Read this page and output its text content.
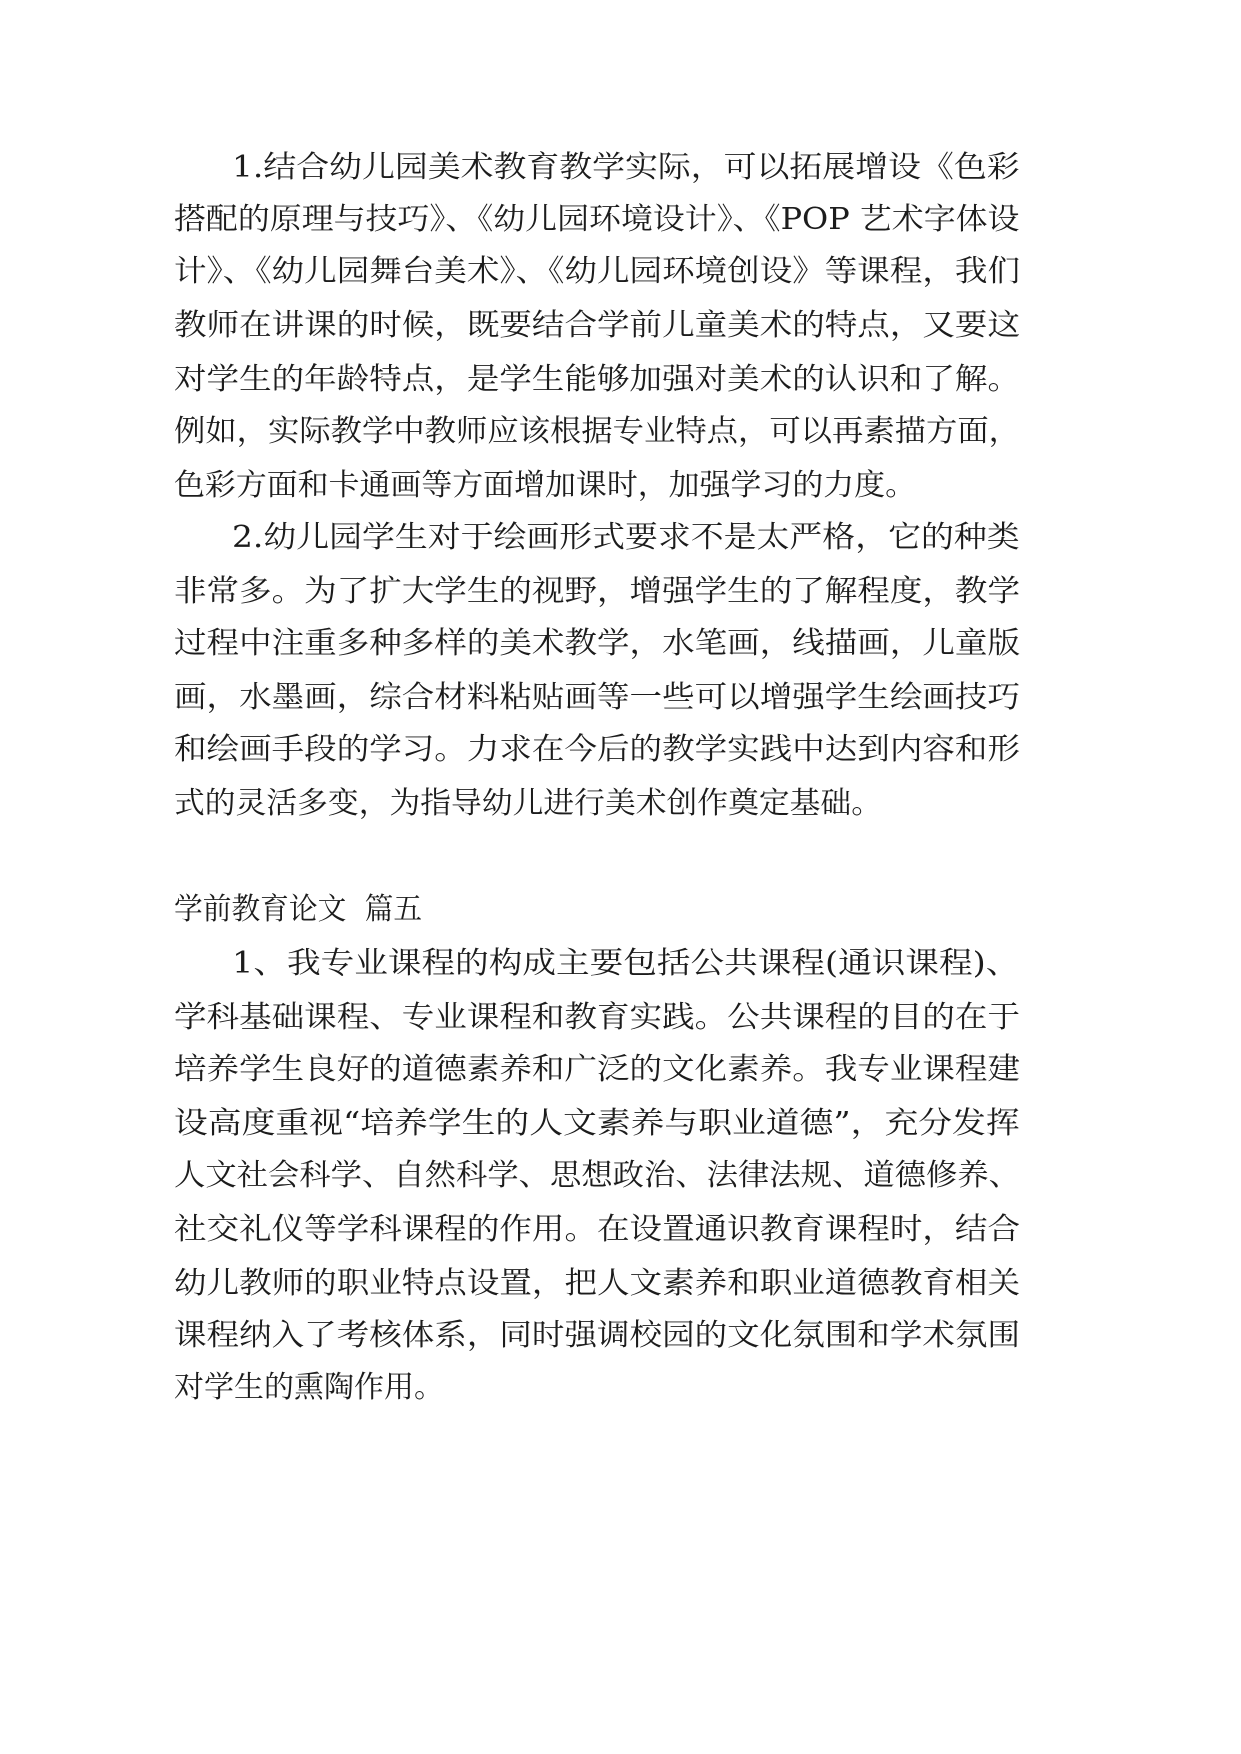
1.结合幼儿园美术教育教学实际，可以拓展增设《色彩

搭配的原理与技巧》、《幼儿园环境设计》、《POP 艺术字体设

计》、《幼儿园舞台美术》、《幼儿园环境创设》等课程，我们

教师在讲课的时候，既要结合学前儿童美术的特点，又要这

对学生的年龄特点，是学生能够加强对美术的认识和了解。

例如，实际教学中教师应该根据专业特点，可以再素描方面，

色彩方面和卡通画等方面增加课时，加强学习的力度。

2.幼儿园学生对于绘画形式要求不是太严格，它的种类

非常多。为了扩大学生的视野，增强学生的了解程度，教学

过程中注重多种多样的美术教学，水笔画，线描画，儿童版

画，水墨画，综合材料粘贴画等一些可以增强学生绘画技巧

和绘画手段的学习。力求在今后的教学实践中达到内容和形

式的灵活多变，为指导幼儿进行美术创作奠定基础。

学前教育论文  篇五

1、我专业课程的构成主要包括公共课程(通识课程)、

学科基础课程、专业课程和教育实践。公共课程的目的在于

培养学生良好的道德素养和广泛的文化素养。我专业课程建

设高度重视“培养学生的人文素养与职业道德”，充分发挥

人文社会科学、自然科学、思想政治、法律法规、道德修养、

社交礼仪等学科课程的作用。在设置通识教育课程时，结合

幼儿教师的职业特点设置，把人文素养和职业道德教育相关

课程纳入了考核体系，同时强调校园的文化氛围和学术氛围

对学生的熏陶作用。
